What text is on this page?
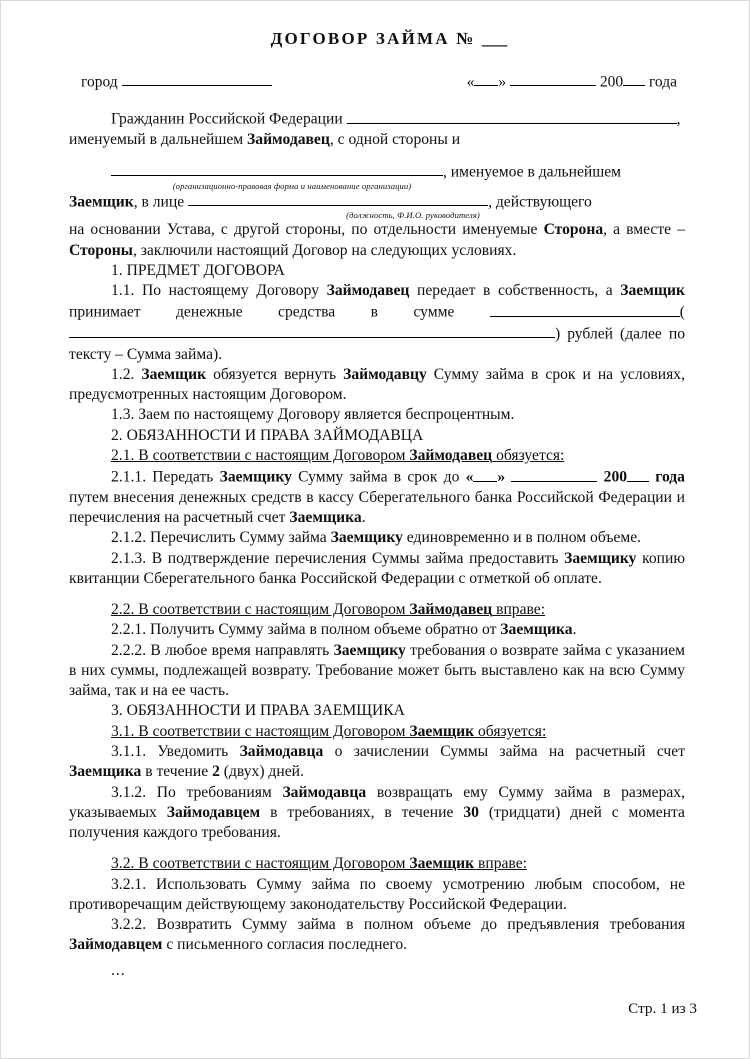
ДОГОВОР ЗАЙМА № ___
город	« »	200 года

Гражданин Российской Федерации	,

именуемый в дальнейшем Займодавец, с одной стороны и

, именуемое в дальнейшем

(организационно-правовая форма и наименование организации)

Заемщик, в лице	, действующего

(должность, Ф.И.О. руководителя)

на основании Устава, с другой стороны, по отдельности именуемые Сторона, а вместе – Стороны, заключили настоящий Договор на следующих условиях.

1. ПРЕДМЕТ ДОГОВОРА

1.1. По настоящему Договору Займодавец передает в собственность, а Заемщик принимает денежные средства в сумме	() рублей (далее по тексту – Сумма займа).

1.2. Заемщик обязуется вернуть Займодавцу Сумму займа в срок и на условиях, предусмотренных настоящим Договором.

1.3. Заем по настоящему Договору является беспроцентным.

2. ОБЯЗАННОСТИ И ПРАВА ЗАЙМОДАВЦА

2.1. В соответствии с настоящим Договором Займодавец обязуется:

2.1.1. Передать Заемщику Сумму займа в срок до « »	200 года путем внесения денежных средств в кассу Сберегательного банка Российской Федерации и перечисления на расчетный счет Заемщика.

2.1.2. Перечислить Сумму займа Заемщику единовременно и в полном объеме.

2.1.3. В подтверждение перечисления Суммы займа предоставить Заемщику копию квитанции Сберегательного банка Российской Федерации с отметкой об оплате.

2.2. В соответствии с настоящим Договором Займодавец вправе:

2.2.1. Получить Сумму займа в полном объеме обратно от Заемщика.

2.2.2. В любое время направлять Заемщику требования о возврате займа с указанием в них суммы, подлежащей возврату. Требование может быть выставлено как на всю Сумму займа, так и на ее часть.

3. ОБЯЗАННОСТИ И ПРАВА ЗАЕМЩИКА

3.1. В соответствии с настоящим Договором Заемщик обязуется:

3.1.1. Уведомить Займодавца о зачислении Суммы займа на расчетный счет Заемщика в течение 2 (двух) дней.

3.1.2. По требованиям Займодавца возвращать ему Сумму займа в размерах, указываемых Займодавцем в требованиях, в течение 30 (тридцати) дней с момента получения каждого требования.

3.2. В соответствии с настоящим Договором Заемщик вправе:

3.2.1. Использовать Сумму займа по своему усмотрению любым способом, не противоречащим действующему законодательству Российской Федерации.

3.2.2. Возвратить Сумму займа в полном объеме до предъявления требования Займодавцем с письменного согласия последнего.

...

Стр. 1 из 3
